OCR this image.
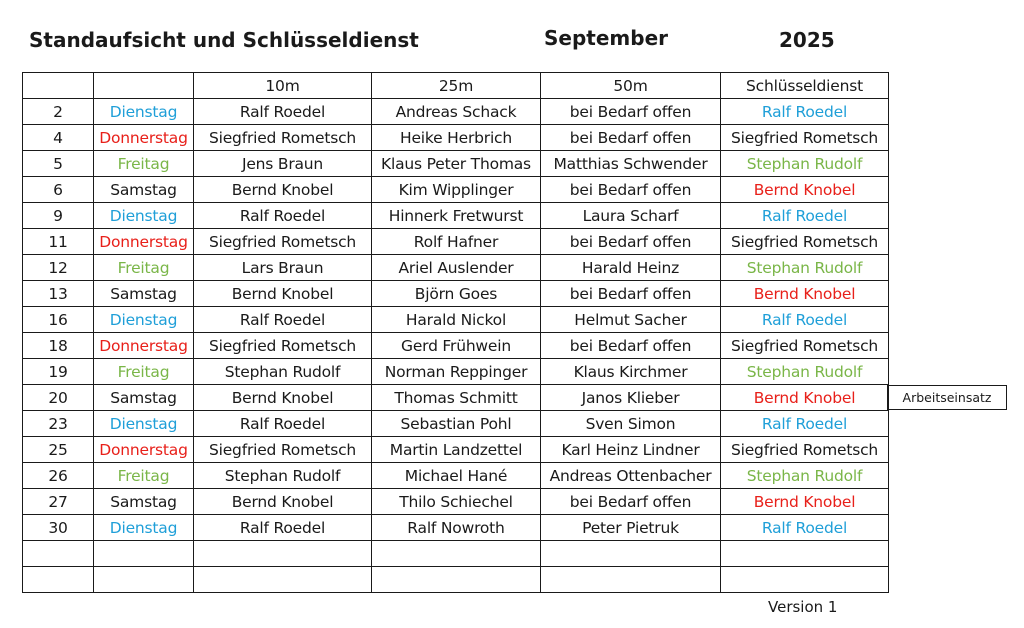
Standaufsicht und Schlüsseldienst	September	2025
		10m	25m	50m	Schlüsseldienst
2	Dienstag	Ralf Roedel	Andreas Schack	bei Bedarf offen	Ralf Roedel
4	Donnerstag	Siegfried Rometsch	Heike Herbrich	bei Bedarf offen	Siegfried Rometsch
5	Freitag	Jens Braun	Klaus Peter Thomas	Matthias Schwender	Stephan Rudolf
6	Samstag	Bernd Knobel	Kim Wipplinger	bei Bedarf offen	Bernd Knobel
9	Dienstag	Ralf Roedel	Hinnerk Fretwurst	Laura Scharf	Ralf Roedel
11	Donnerstag	Siegfried Rometsch	Rolf Hafner	bei Bedarf offen	Siegfried Rometsch
12	Freitag	Lars Braun	Ariel Auslender	Harald Heinz	Stephan Rudolf
13	Samstag	Bernd Knobel	Björn Goes	bei Bedarf offen	Bernd Knobel
16	Dienstag	Ralf Roedel	Harald Nickol	Helmut Sacher	Ralf Roedel
18	Donnerstag	Siegfried Rometsch	Gerd Frühwein	bei Bedarf offen	Siegfried Rometsch
19	Freitag	Stephan Rudolf	Norman Reppinger	Klaus Kirchmer	Stephan Rudolf
20	Samstag	Bernd Knobel	Thomas Schmitt	Janos Klieber	Bernd Knobel
23	Dienstag	Ralf Roedel	Sebastian Pohl	Sven Simon	Ralf Roedel
25	Donnerstag	Siegfried Rometsch	Martin Landzettel	Karl Heinz Lindner	Siegfried Rometsch
26	Freitag	Stephan Rudolf	Michael Hané	Andreas Ottenbacher	Stephan Rudolf
27	Samstag	Bernd Knobel	Thilo Schiechel	bei Bedarf offen	Bernd Knobel
30	Dienstag	Ralf Roedel	Ralf Nowroth	Peter Pietruk	Ralf Roedel

Arbeitseinsatz
Version 1
